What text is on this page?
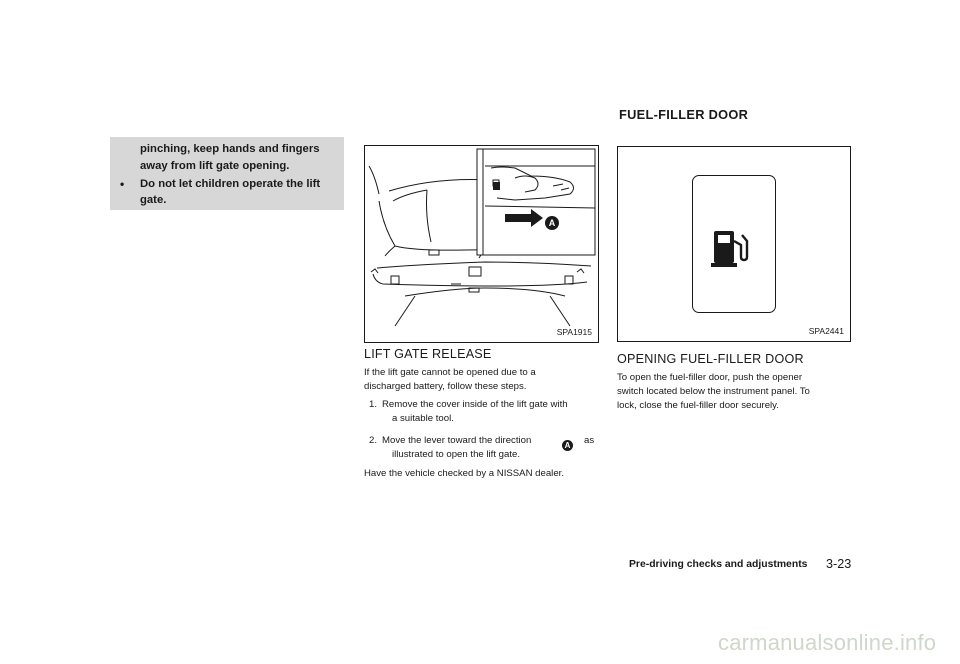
pinching, keep hands and fingers
away from lift gate opening.
• Do not let children operate the lift
gate.
A
SPA1915
LIFT GATE RELEASE
If the lift gate cannot be opened due to a
discharged battery, follow these steps.
1. Remove the cover inside of the lift gate with
a suitable tool.
2. Move the lever toward the direction	A as
illustrated to open the lift gate.
Have the vehicle checked by a NISSAN dealer.
FUEL-FILLER DOOR
SPA2441
OPENING FUEL-FILLER DOOR
To open the fuel-filler door, push the opener
switch located below the instrument panel. To
lock, close the fuel-filler door securely.
Pre-driving checks and adjustments 3-23
carmanualsonline.info
